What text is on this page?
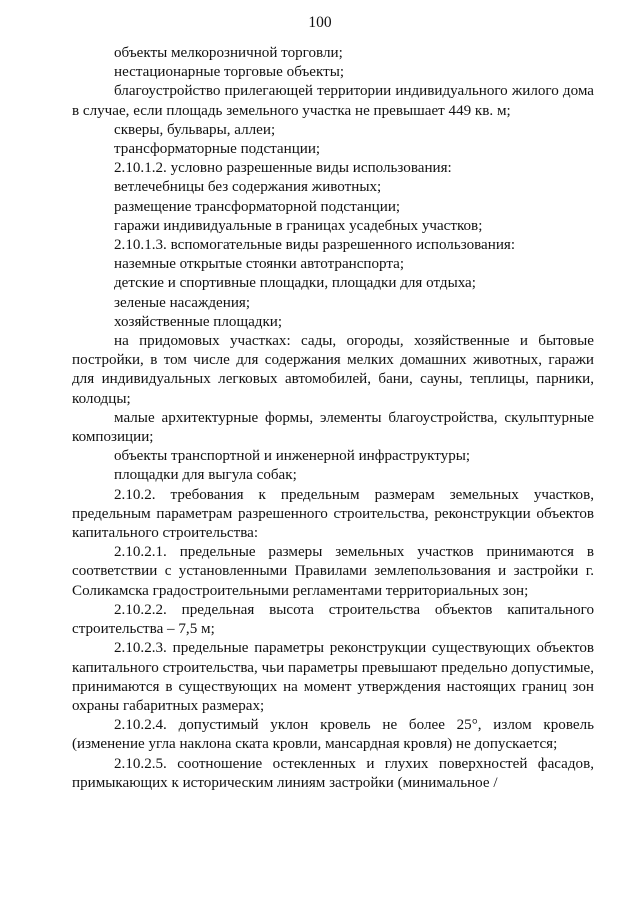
100

объекты мелкорозничной торговли;

нестационарные торговые объекты;

благоустройство прилегающей территории индивидуального жилого дома в случае, если площадь земельного участка не превышает 449 кв. м;

скверы, бульвары, аллеи;

трансформаторные подстанции;

2.10.1.2. условно разрешенные виды использования:

ветлечебницы без содержания животных;

размещение трансформаторной подстанции;

гаражи индивидуальные в границах усадебных участков;

2.10.1.3. вспомогательные виды разрешенного использования:

наземные открытые стоянки автотранспорта;

детские и спортивные площадки, площадки для отдыха;

зеленые насаждения;

хозяйственные площадки;

на придомовых участках: сады, огороды, хозяйственные и бытовые постройки, в том числе для содержания мелких домашних животных, гаражи для индивидуальных легковых автомобилей, бани, сауны, теплицы, парники, колодцы;

малые архитектурные формы, элементы благоустройства, скульптурные композиции;

объекты транспортной и инженерной инфраструктуры;

площадки для выгула собак;

2.10.2. требования к предельным размерам земельных участков, предельным параметрам разрешенного строительства, реконструкции объектов капитального строительства:

2.10.2.1. предельные размеры земельных участков принимаются в соответствии с установленными Правилами землепользования и застройки г. Соликамска градостроительными регламентами территориальных зон;

2.10.2.2. предельная высота строительства объектов капитального строительства – 7,5 м;

2.10.2.3. предельные параметры реконструкции существующих объектов капитального строительства, чьи параметры превышают предельно допустимые, принимаются в существующих на момент утверждения настоящих границ зон охраны габаритных размерах;

2.10.2.4. допустимый уклон кровель не более 25°, излом кровель (изменение угла наклона ската кровли, мансардная кровля) не допускается;

2.10.2.5. соотношение остекленных и глухих поверхностей фасадов, примыкающих к историческим линиям застройки (минимальное /
